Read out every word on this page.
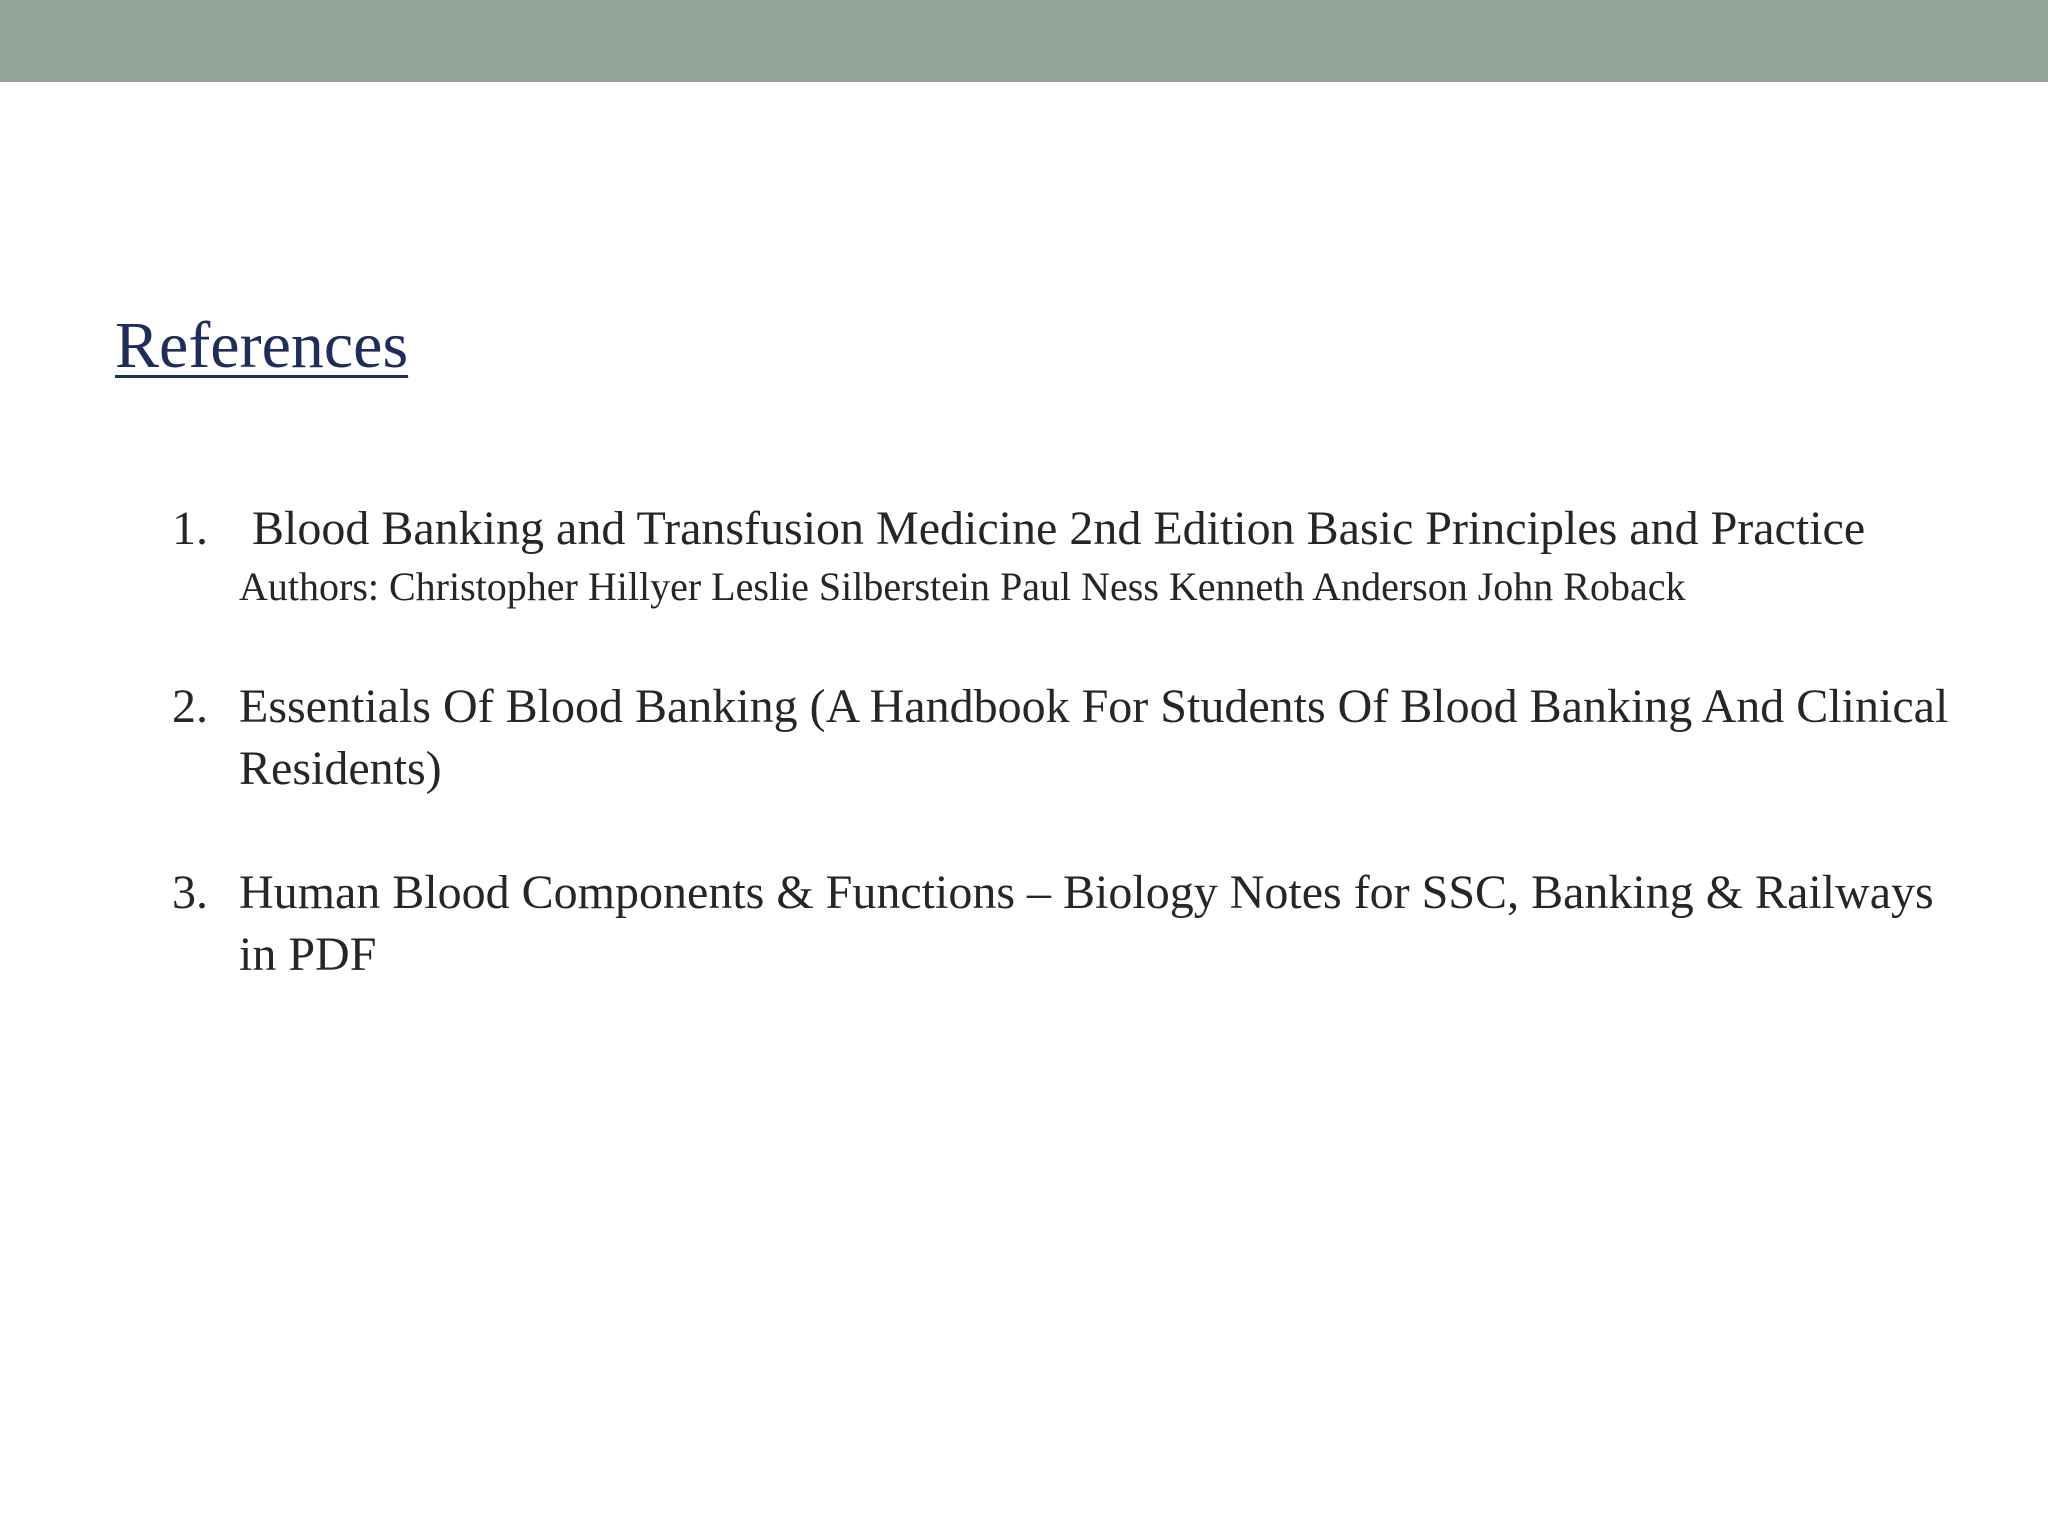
References
1. Blood Banking and Transfusion Medicine 2nd Edition Basic Principles and Practice
Authors: Christopher Hillyer Leslie Silberstein Paul Ness Kenneth Anderson John Roback
2. Essentials Of Blood Banking (A Handbook For Students Of Blood Banking And Clinical Residents)
3. Human Blood Components & Functions – Biology Notes for SSC, Banking & Railways in PDF
